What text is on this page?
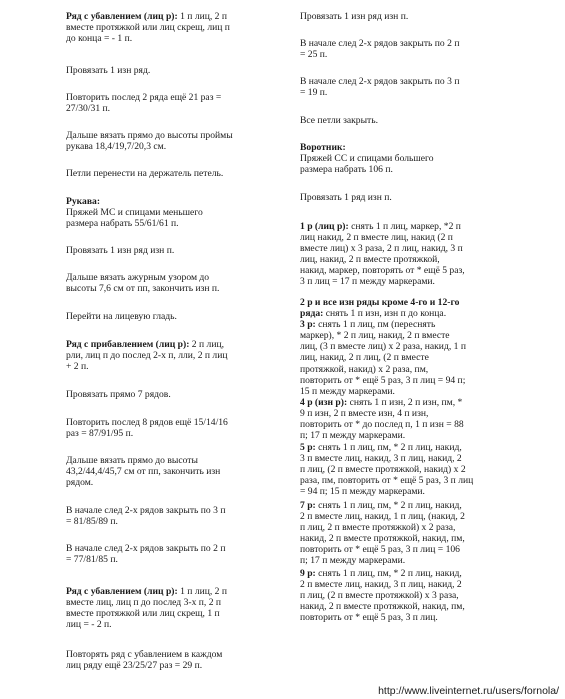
Ряд с убавлением (лиц р): 1 п лиц, 2 п
вместе протяжкой или лиц скрещ, лиц п
до конца = - 1 п.

Провязать 1 изн ряд.

Повторить послед 2 ряда ещё 21 раз =
27/30/31 п.

Дальше вязать прямо до высоты проймы
рукава 18,4/19,7/20,3 см.

Петли перенести на держатель петель.

Рукава:
Пряжей МС и спицами меньшего
размера набрать 55/61/61 п.

Провязать 1 изн ряд изн п.

Дальше вязать ажурным узором до
высоты 7,6 см от пп, закончить изн п.

Перейти на лицевую гладь.

Ряд с прибавлением (лиц р): 2 п лиц,
рли, лиц п до послед 2-х п, лли, 2 п лиц
+ 2 п.

Провязать прямо 7 рядов.

Повторить послед 8 рядов ещё 15/14/16
раз = 87/91/95 п.

Дальше вязать прямо до высоты
43,2/44,4/45,7 см от пп, закончить изн
рядом.

В начале след 2-х рядов закрыть по 3 п
= 81/85/89 п.

В начале след 2-х рядов закрыть по 2 п
= 77/81/85 п.

Ряд с убавлением (лиц р): 1 п лиц, 2 п
вместе лиц, лиц п до послед 3-х п, 2 п
вместе протяжкой или лиц скрещ, 1 п
лиц = - 2 п.

Повторять ряд с убавлением в каждом
лиц ряду ещё 23/25/27 раз = 29 п.

Провязать 1 изн ряд изн п.

В начале след 2-х рядов закрыть по 2 п
= 25 п.

В начале след 2-х рядов закрыть по 3 п
= 19 п.

Все петли закрыть.

Воротник:
Пряжей СС и спицами большего
размера набрать 106 п.

Провязать 1 ряд изн п.

1 р (лиц р): снять 1 п лиц, маркер, *2 п
лиц накид, 2 п вместе лиц, накид (2 п
вместе лиц) х 3 раза, 2 п лиц, накид, 3 п
лиц, накид, 2 п вместе протяжкой,
накид, маркер, повторять от * ещё 5 раз,
3 п лиц = 17 п между маркерами.

2 р и все изн ряды кроме 4-го и 12-го
ряда: снять 1 п изн, изн п до конца.
3 р: снять 1 п лиц, пм (переснять
маркер), * 2 п лиц, накид, 2 п вместе
лиц, (3 п вместе лиц) х 2 раза, накид, 1 п
лиц, накид, 2 п лиц, (2 п вместе
протяжкой, накид) х 2 раза, пм,
повторить от * ещё 5 раз, 3 п лиц = 94 п;
15 п между маркерами.

4 р (изн р): снять 1 п изн, 2 п изн, пм, *
9 п изн, 2 п вместе изн, 4 п изн,
повторить от * до послед п, 1 п изн = 88
п; 17 п между маркерами.

5 р: снять 1 п лиц, пм, * 2 п лиц, накид,
3 п вместе лиц, накид, 3 п лиц, накид, 2
п лиц, (2 п вместе протяжкой, накид) х 2
раза, пм, повторить от * ещё 5 раз, 3 п лиц
= 94 п; 15 п между маркерами.

7 р: снять 1 п лиц, пм, * 2 п лиц, накид,
2 п вместе лиц, накид, 1 п лиц, (накид, 2
п лиц, 2 п вместе протяжкой) х 2 раза,
накид, 2 п вместе протяжкой, накид, пм,
повторить от * ещё 5 раз, 3 п лиц = 106
п; 17 п между маркерами.

9 р: снять 1 п лиц, пм, * 2 п лиц, накид,
2 п вместе лиц, накид, 3 п лиц, накид, 2
п лиц, (2 п вместе протяжкой) х 3 раза,
накид, 2 п вместе протяжкой, накид, пм,
повторить от * ещё 5 раз, 3 п лиц.

http://www.liveinternet.ru/users/fornola/
